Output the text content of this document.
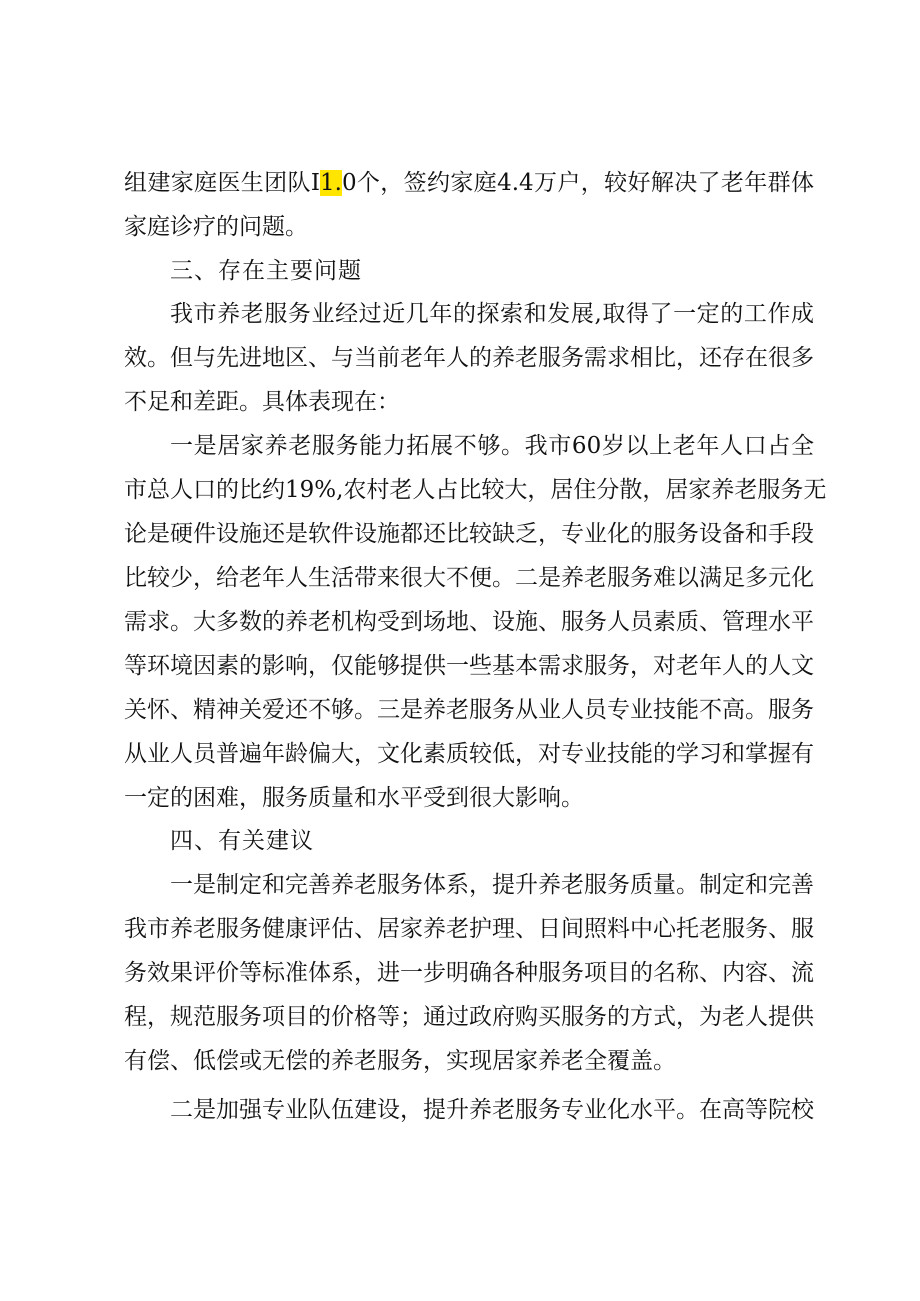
组建家庭医生团队I1.0个，签约家庭4.4万户，较好解决了老年群体
家庭诊疗的问题。
三、存在主要问题
我市养老服务业经过近几年的探索和发展,取得了一定的工作成
效。但与先进地区、与当前老年人的养老服务需求相比，还存在很多
不足和差距。具体表现在：
一是居家养老服务能力拓展不够。我市60岁以上老年人口占全
市总人口的比约19%,农村老人占比较大，居住分散，居家养老服务无
论是硬件设施还是软件设施都还比较缺乏，专业化的服务设备和手段
比较少，给老年人生活带来很大不便。二是养老服务难以满足多元化
需求。大多数的养老机构受到场地、设施、服务人员素质、管理水平
等环境因素的影响，仅能够提供一些基本需求服务，对老年人的人文
关怀、精神关爱还不够。三是养老服务从业人员专业技能不高。服务
从业人员普遍年龄偏大，文化素质较低，对专业技能的学习和掌握有
一定的困难，服务质量和水平受到很大影响。
四、有关建议
一是制定和完善养老服务体系，提升养老服务质量。制定和完善
我市养老服务健康评估、居家养老护理、日间照料中心托老服务、服
务效果评价等标准体系，进一步明确各种服务项目的名称、内容、流
程，规范服务项目的价格等；通过政府购买服务的方式，为老人提供
有偿、低偿或无偿的养老服务，实现居家养老全覆盖。
二是加强专业队伍建设，提升养老服务专业化水平。在高等院校
